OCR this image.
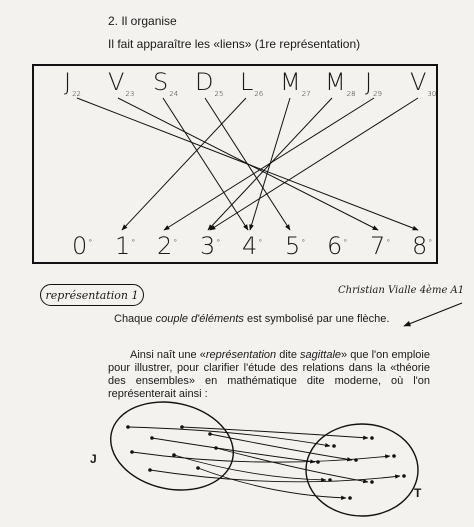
2. Il organise
Il fait apparaître les «liens» (1re représentation)
$J_{22}$ $V_{23}$ $S_{24}$ $D_{25}$ $L_{26}$ $M_{27}$ $M_{28}$ $J_{29}$ $V_{30}$
0° 1° 2° 3° 4° 5° 6° 7° 8°
J
T
représentation 1	Christian Vialle 4ème A1
Chaque couple d'éléments est symbolisé par une flèche.

Ainsi naît une «représentation dite sagittale» que l'on emploie pour illustrer, pour clarifier l'étude des relations dans la «théorie des ensembles» en mathématique dite moderne, où l'on représenterait ainsi :
